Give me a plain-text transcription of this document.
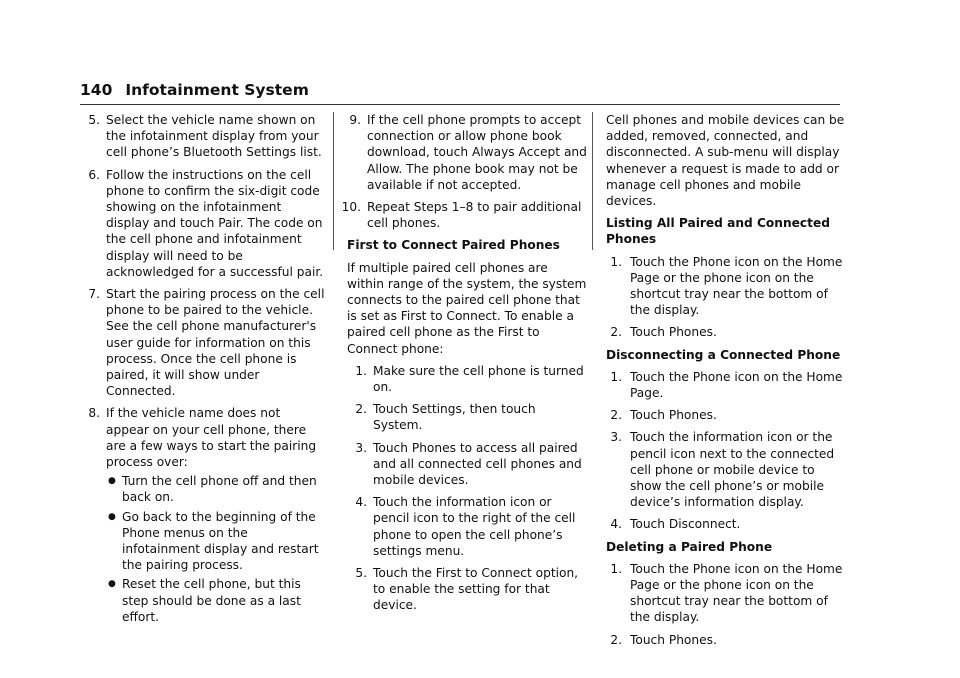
140 Infotainment System
5. Select the vehicle name shown on the infotainment display from your cell phone’s Bluetooth Settings list.
6. Follow the instructions on the cell phone to confirm the six-digit code showing on the infotainment display and touch Pair. The code on the cell phone and infotainment display will need to be acknowledged for a successful pair.
7. Start the pairing process on the cell phone to be paired to the vehicle. See the cell phone manufacturer's user guide for information on this process. Once the cell phone is paired, it will show under Connected.
8. If the vehicle name does not appear on your cell phone, there are a few ways to start the pairing process over:
● Turn the cell phone off and then back on.
● Go back to the beginning of the Phone menus on the infotainment display and restart the pairing process.
● Reset the cell phone, but this step should be done as a last effort.
9. If the cell phone prompts to accept connection or allow phone book download, touch Always Accept and Allow. The phone book may not be available if not accepted.
10. Repeat Steps 1–8 to pair additional cell phones.
First to Connect Paired Phones
If multiple paired cell phones are within range of the system, the system connects to the paired cell phone that is set as First to Connect. To enable a paired cell phone as the First to Connect phone:
1. Make sure the cell phone is turned on.
2. Touch Settings, then touch System.
3. Touch Phones to access all paired and all connected cell phones and mobile devices.
4. Touch the information icon or pencil icon to the right of the cell phone to open the cell phone’s settings menu.
5. Touch the First to Connect option, to enable the setting for that device.
Cell phones and mobile devices can be added, removed, connected, and disconnected. A sub-menu will display whenever a request is made to add or manage cell phones and mobile devices.
Listing All Paired and Connected Phones
1. Touch the Phone icon on the Home Page or the phone icon on the shortcut tray near the bottom of the display.
2. Touch Phones.
Disconnecting a Connected Phone
1. Touch the Phone icon on the Home Page.
2. Touch Phones.
3. Touch the information icon or the pencil icon next to the connected cell phone or mobile device to show the cell phone’s or mobile device’s information display.
4. Touch Disconnect.
Deleting a Paired Phone
1. Touch the Phone icon on the Home Page or the phone icon on the shortcut tray near the bottom of the display.
2. Touch Phones.
